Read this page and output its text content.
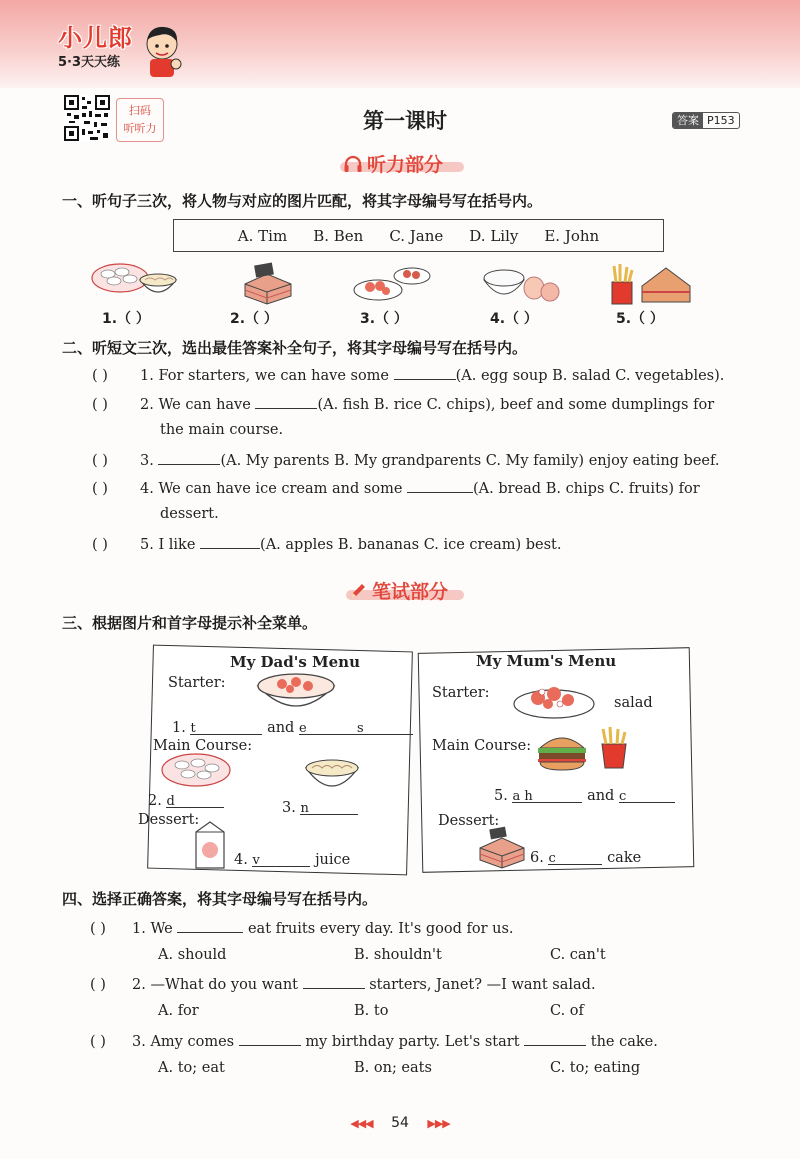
小儿郎
5·3天天练
扫码
听听力	第一课时	答案 P153
听力部分
一、听句子三次，将人物与对应的图片匹配，将其字母编号写在括号内。
A. Tim B. Ben C. Jane D. Lily E. John
1.（ ）	2.（ ）	3.（ ）	4.（ ）	5.（ ）
二、听短文三次，选出最佳答案补全句子，将其字母编号写在括号内。
( ) 1. For starters, we can have some	(A. egg soup B. salad C. vegetables).
( ) 2. We can have	(A. fish B. rice C. chips), beef and some dumplings for
the main course.
( ) 3.	(A. My parents B. My grandparents C. My family) enjoy eating beef.
( ) 4. We can have ice cream and some	(A. bread B. chips C. fruits) for
dessert.
( ) 5. I like	(A. apples B. bananas C. ice cream) best.
笔试部分
三、根据图片和首字母提示补全菜单。
My Dad's Menu
Starter:
1. t	and e	s
Main Course:
2. d	3. n
Dessert:
4. v	juice
My Mum's Menu
Starter:
salad
Main Course:
5. a h	and c
Dessert:
6. c	cake
四、选择正确答案，将其字母编号写在括号内。
( ) 1. We	eat fruits every day. It's good for us.
A. should	B. shouldn't	C. can't
( ) 2. —What do you want	starters, Janet? —I want salad.
A. for	B. to	C. of
( ) 3. Amy comes	my birthday party. Let's start	the cake.
A. to; eat	B. on; eats	C. to; eating
◀◀◀ 54 ▶▶▶
